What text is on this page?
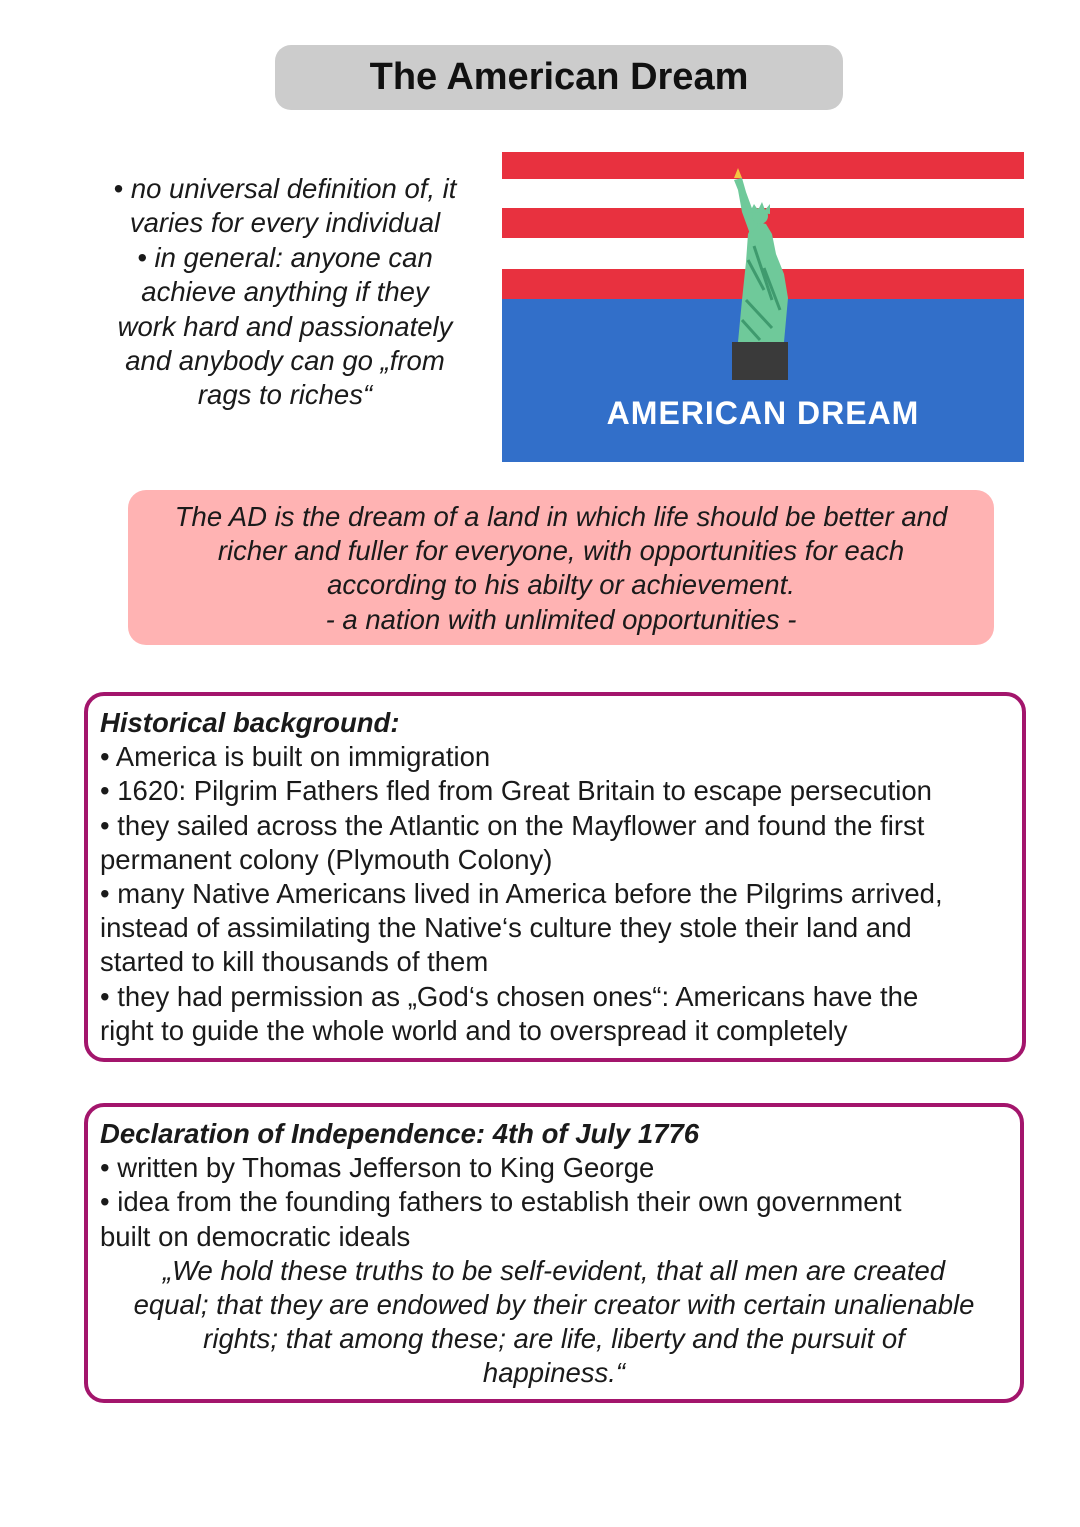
The American Dream

• no universal definition of, it

varies for every individual

• in general: anyone can

achieve anything if they

work hard and passionately

and anybody can go „from

rags to riches“

AMERICAN DREAM

The AD is the dream of a land in which life should be better and

richer and fuller for everyone, with opportunities for each

according to his abilty or achievement.

- a nation with unlimited opportunities -

Historical background:

• America is built on immigration

• 1620: Pilgrim Fathers fled from Great Britain to escape persecution

• they sailed across the Atlantic on the Mayflower and found the first

permanent colony (Plymouth Colony)

• many Native Americans lived in America before the Pilgrims arrived,

instead of assimilating the Native‘s culture they stole their land and

started to kill thousands of them

• they had permission as „God‘s chosen ones“: Americans have the

right to guide the whole world and to overspread it completely

Declaration of Independence: 4th of July 1776

• written by Thomas Jefferson to King George

• idea from the founding fathers to establish their own government

built on democratic ideals

„We hold these truths to be self-evident, that all men are created

equal; that they are endowed by their creator with certain unalienable

rights; that among these; are life, liberty and the pursuit of

happiness.“
